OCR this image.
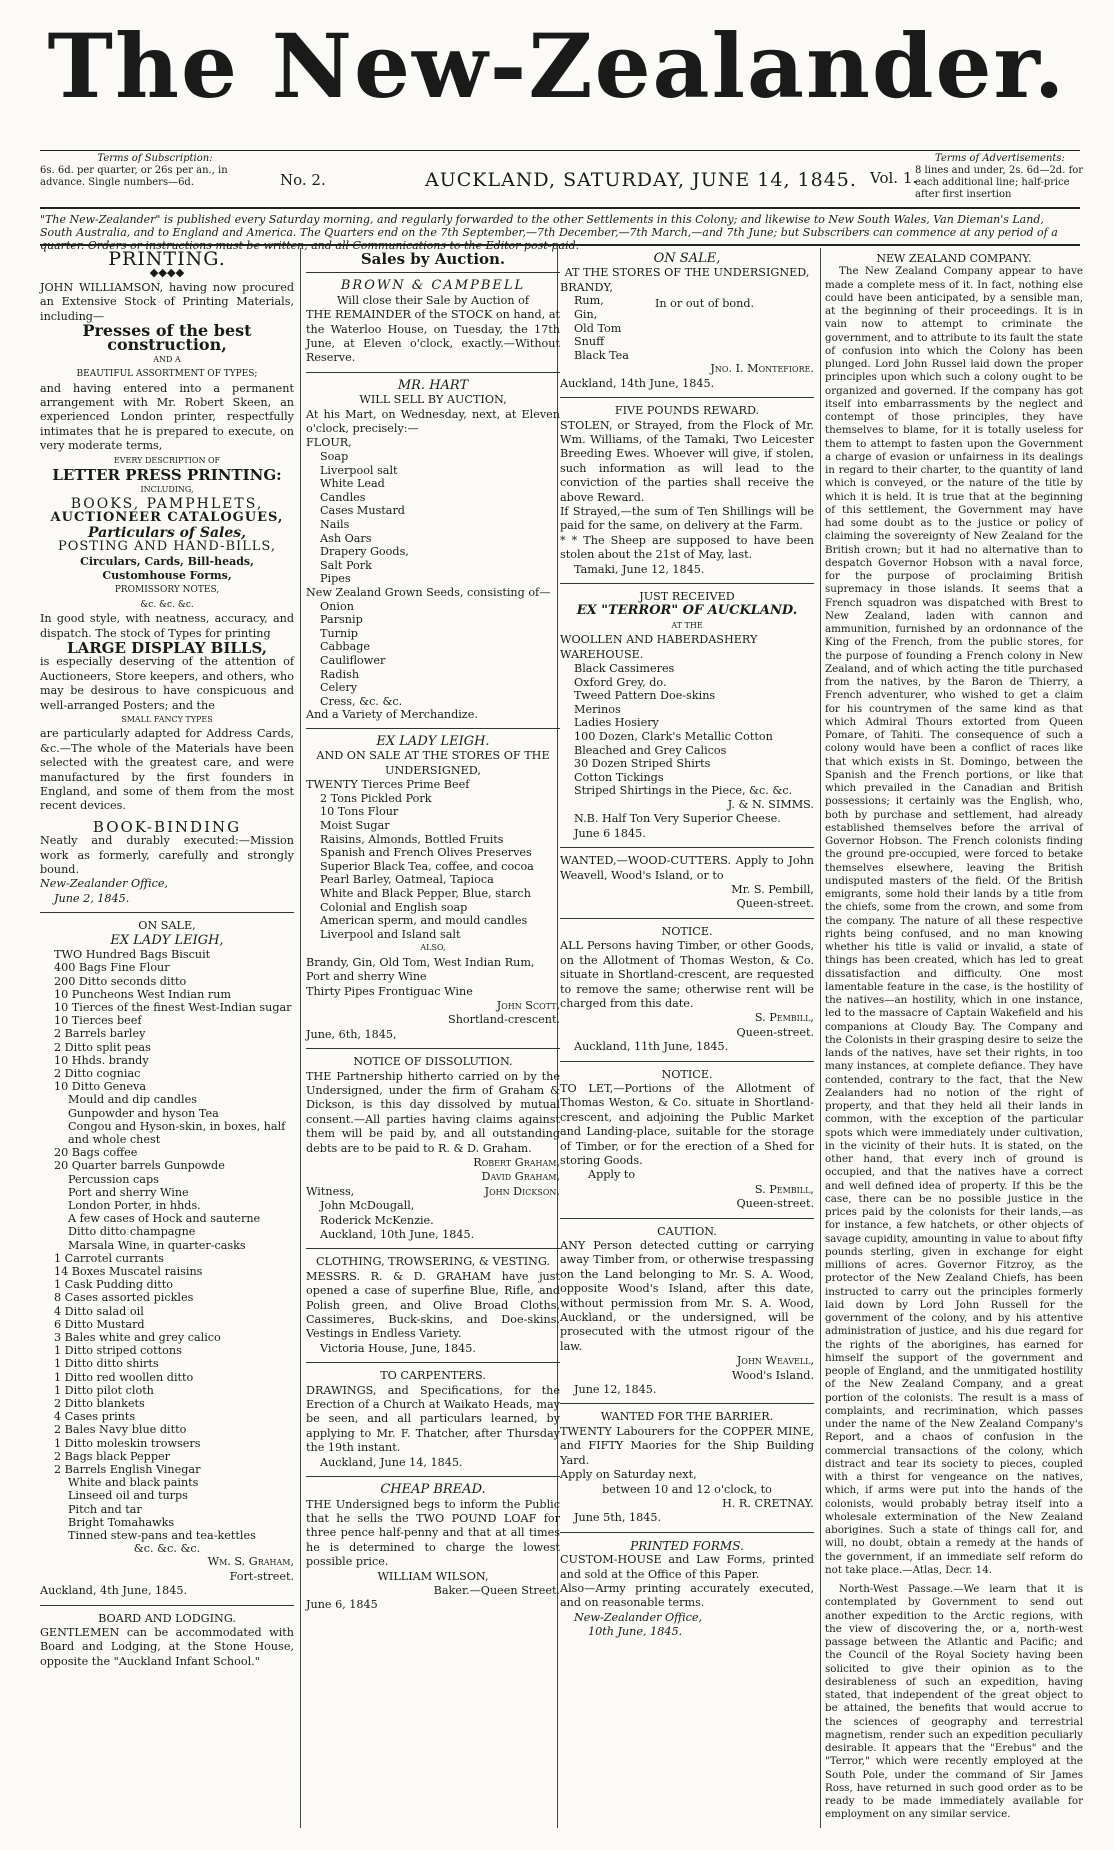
The New-Zealander.
Terms of Subscription:
6s. 6d. per quarter, or 26s per an., in advance. Single numbers—6d.	No. 2.	AUCKLAND, SATURDAY, JUNE 14, 1845. Vol. 1.
Terms of Advertisements:
8 lines and under, 2s. 6d—2d. for each additional line; half-price after first insertion
"The New-Zealander" is published every Saturday morning, and regularly forwarded to the other Settlements in this Colony; and likewise to New South Wales, Van Dieman's Land, South Australia, and to England and America. The Quarters end on the 7th September,—7th December,—7th March,—and 7th June; but Subscribers can commence at any period of a quarter. Orders or instructions must be written, and all Communications to the Editor post-paid.
PRINTING.
◆◆◆◆
JOHN WILLIAMSON, having now procured an Extensive Stock of Printing Materials, including—
Presses of the best construction,
AND A
BEAUTIFUL ASSORTMENT OF TYPES;
and having entered into a permanent arrangement with Mr. Robert Skeen, an experienced London printer, respectfully intimates that he is prepared to execute, on very moderate terms,
EVERY DESCRIPTION OF
LETTER PRESS PRINTING:
INCLUDING,
BOOKS, PAMPHLETS,
AUCTIONEER CATALOGUES,
Particulars of Sales,
POSTING AND HAND-BILLS,
Circulars, Cards, Bill-heads, Customhouse Forms,
PROMISSORY NOTES,
&c. &c. &c.
In good style, with neatness, accuracy, and dispatch. The stock of Types for printing
LARGE DISPLAY BILLS,
is especially deserving of the attention of Auctioneers, Store keepers, and others, who may be desirous to have conspicuous and well-arranged Posters; and the
SMALL FANCY TYPES
are particularly adapted for Address Cards, &c.—The whole of the Materials have been selected with the greatest care, and were manufactured by the first founders in England, and some of them from the most recent devices.
BOOK-BINDING
Neatly and durably executed:—Mission work as formerly, carefully and strongly bound.
New-Zealander Office,
June 2, 1845.
ON SALE,
EX LADY LEIGH,
TWO Hundred Bags Biscuit
400 Bags Fine Flour
200 Ditto seconds ditto
10 Puncheons West Indian rum
10 Tierces of the finest West-Indian sugar
10 Tierces beef
2 Barrels barley
2 Ditto split peas
10 Hhds. brandy
2 Ditto cogniac
10 Ditto Geneva
Mould and dip candles
Gunpowder and hyson Tea
Congou and Hyson-skin, in boxes, half and whole chest
20 Bags coffee
20 Quarter barrels Gunpowde
Percussion caps
Port and sherry Wine
London Porter, in hhds.
A few cases of Hock and sauterne
Ditto ditto champagne
Marsala Wine, in quarter-casks
1 Carrotel currants
14 Boxes Muscatel raisins
1 Cask Pudding ditto
8 Cases assorted pickles
4 Ditto salad oil
6 Ditto Mustard
3 Bales white and grey calico
1 Ditto striped cottons
1 Ditto ditto shirts
1 Ditto red woollen ditto
1 Ditto pilot cloth
2 Ditto blankets
4 Cases prints
2 Bales Navy blue ditto
1 Ditto moleskin trowsers
2 Bags black Pepper
2 Barrels English Vinegar
White and black paints
Linseed oil and turps
Pitch and tar
Bright Tomahawks
Tinned stew-pans and tea-kettles
&c. &c. &c.
Wm. S. Graham,
Fort-street.
Auckland, 4th June, 1845.
BOARD AND LODGING.
GENTLEMEN can be accommodated with Board and Lodging, at the Stone House, opposite the "Auckland Infant School."
Sales by Auction.
BROWN & CAMPBELL
Will close their Sale by Auction of
THE REMAINDER of the STOCK on hand, at the Waterloo House, on Tuesday, the 17th June, at Eleven o'clock, exactly.—Without Reserve.
MR. HART
WILL SELL BY AUCTION,
At his Mart, on Wednesday, next, at Eleven o'clock, precisely:—
FLOUR,
Soap
Liverpool salt
White Lead
Candles
Cases Mustard
Nails
Ash Oars
Drapery Goods,
Salt Pork
Pipes
New Zealand Grown Seeds, consisting of—
Onion
Parsnip
Turnip
Cabbage
Cauliflower
Radish
Celery
Cress, &c. &c.
And a Variety of Merchandize.
EX LADY LEIGH.
AND ON SALE AT THE STORES OF THE UNDERSIGNED,
TWENTY Tierces Prime Beef
2 Tons Pickled Pork
10 Tons Flour
Moist Sugar
Raisins, Almonds, Bottled Fruits
Spanish and French Olives Preserves
Superior Black Tea, coffee, and cocoa
Pearl Barley, Oatmeal, Tapioca
White and Black Pepper, Blue, starch
Colonial and English soap
American sperm, and mould candles
Liverpool and Island salt
ALSO,
Brandy, Gin, Old Tom, West Indian Rum, Port and sherry Wine
Thirty Pipes Frontiguac Wine
John Scott,
Shortland-crescent.
June, 6th, 1845,
NOTICE OF DISSOLUTION.
THE Partnership hitherto carried on by the Undersigned, under the firm of Graham & Dickson, is this day dissolved by mutual consent.—All parties having claims against them will be paid by, and all outstanding debts are to be paid to R. & D. Graham.
Robert Graham,
David Graham,
Witness,	John Dickson.
John McDougall,
Roderick McKenzie.
Auckland, 10th June, 1845.
CLOTHING, TROWSERING, & VESTING.
MESSRS. R. & D. GRAHAM have just opened a case of superfine Blue, Rifle, and Polish green, and Olive Broad Cloths, Cassimeres, Buck-skins, and Doe-skins. Vestings in Endless Variety.
Victoria House, June, 1845.
TO CARPENTERS.
DRAWINGS, and Specifications, for the Erection of a Church at Waikato Heads, may be seen, and all particulars learned, by applying to Mr. F. Thatcher, after Thursday the 19th instant.
Auckland, June 14, 1845.
CHEAP BREAD.
THE Undersigned begs to inform the Public that he sells the TWO POUND LOAF for three pence half-penny and that at all times he is determined to charge the lowest possible price.
WILLIAM WILSON,
Baker.—Queen Street.
June 6, 1845
ON SALE,
AT THE STORES OF THE UNDERSIGNED,
BRANDY,
Rum,
Gin,
Old Tom
Snuff
Black Tea
In or out of bond.
Jno. I. Montefiore.
Auckland, 14th June, 1845.
FIVE POUNDS REWARD.
STOLEN, or Strayed, from the Flock of Mr. Wm. Williams, of the Tamaki, Two Leicester Breeding Ewes. Whoever will give, if stolen, such information as will lead to the conviction of the parties shall receive the above Reward.
If Strayed,—the sum of Ten Shillings will be paid for the same, on delivery at the Farm.
* * The Sheep are supposed to have been stolen about the 21st of May, last.
Tamaki, June 12, 1845.
JUST RECEIVED
EX "TERROR" OF AUCKLAND.
AT THE
WOOLLEN AND HABERDASHERY WAREHOUSE.
Black Cassimeres
Oxford Grey, do.
Tweed Pattern Doe-skins
Merinos
Ladies Hosiery
100 Dozen, Clark's Metallic Cotton
Bleached and Grey Calicos
30 Dozen Striped Shirts
Cotton Tickings
Striped Shirtings in the Piece, &c. &c.
J. & N. SIMMS.
N.B. Half Ton Very Superior Cheese.
June 6 1845.
WANTED,—WOOD-CUTTERS. Apply to John Weavell, Wood's Island, or to
Mr. S. Pembill,
Queen-street.
NOTICE.
ALL Persons having Timber, or other Goods, on the Allotment of Thomas Weston, & Co. situate in Shortland-crescent, are requested to remove the same; otherwise rent will be charged from this date.
S. Pembill,
Queen-street.
Auckland, 11th June, 1845.
NOTICE.
TO LET,—Portions of the Allotment of Thomas Weston, & Co. situate in Shortland-crescent, and adjoining the Public Market and Landing-place, suitable for the storage of Timber, or for the erection of a Shed for storing Goods.
Apply to
S. Pembill,
Queen-street.
CAUTION.
ANY Person detected cutting or carrying away Timber from, or otherwise trespassing on the Land belonging to Mr. S. A. Wood, opposite Wood's Island, after this date, without permission from Mr. S. A. Wood, Auckland, or the undersigned, will be prosecuted with the utmost rigour of the law.
John Weavell,
Wood's Island.
June 12, 1845.
WANTED FOR THE BARRIER.
TWENTY Labourers for the COPPER MINE, and FIFTY Maories for the Ship Building Yard.
Apply on Saturday next,
between 10 and 12 o'clock, to
H. R. CRETNAY.
June 5th, 1845.
PRINTED FORMS.
CUSTOM-HOUSE and Law Forms, printed and sold at the Office of this Paper.
Also—Army printing accurately executed, and on reasonable terms.
New-Zealander Office,
10th June, 1845.
NEW ZEALAND COMPANY.
The New Zealand Company appear to have made a complete mess of it. In fact, nothing else could have been anticipated, by a sensible man, at the beginning of their proceedings. It is in vain now to attempt to criminate the government, and to attribute to its fault the state of confusion into which the Colony has been plunged. Lord John Russel laid down the proper principles upon which such a colony ought to be organized and governed. If the company has got itself into embarrassments by the neglect and contempt of those principles, they have themselves to blame, for it is totally useless for them to attempt to fasten upon the Government a charge of evasion or unfairness in its dealings in regard to their charter, to the quantity of land which is conveyed, or the nature of the title by which it is held. It is true that at the beginning of this settlement, the Government may have had some doubt as to the justice or policy of claiming the sovereignty of New Zealand for the British crown; but it had no alternative than to despatch Governor Hobson with a naval force, for the purpose of proclaiming British supremacy in those islands. It seems that a French squadron was dispatched with Brest to New Zealand, laden with cannon and ammunition, furnished by an ordonnance of the King of the French, from the public stores, for the purpose of founding a French colony in New Zealand, and of which acting the title purchased from the natives, by the Baron de Thierry, a French adventurer, who wished to get a claim for his countrymen of the same kind as that which Admiral Thours extorted from Queen Pomare, of Tahiti. The consequence of such a colony would have been a conflict of races like that which exists in St. Domingo, between the Spanish and the French portions, or like that which prevailed in the Canadian and British possessions; it certainly was the English, who, both by purchase and settlement, had already established themselves before the arrival of Governor Hobson. The French colonists finding the ground pre-occupied, were forced to betake themselves elsewhere, leaving the British undisputed masters of the field. Of the British emigrants, some hold their lands by a title from the chiefs, some from the crown, and some from the company. The nature of all these respective rights being confused, and no man knowing whether his title is valid or invalid, a state of things has been created, which has led to great dissatisfaction and difficulty. One most lamentable feature in the case, is the hostility of the natives—an hostility, which in one instance, led to the massacre of Captain Wakefield and his companions at Cloudy Bay. The Company and the Colonists in their grasping desire to seize the lands of the natives, have set their rights, in too many instances, at complete defiance. They have contended, contrary to the fact, that the New Zealanders had no notion of the right of property, and that they held all their lands in common, with the exception of the particular spots which were immediately under cultivation, in the vicinity of their huts. It is stated, on the other hand, that every inch of ground is occupied, and that the natives have a correct and well defined idea of property. If this be the case, there can be no possible justice in the prices paid by the colonists for their lands,—as for instance, a few hatchets, or other objects of savage cupidity, amounting in value to about fifty pounds sterling, given in exchange for eight millions of acres. Governor Fitzroy, as the protector of the New Zealand Chiefs, has been instructed to carry out the principles formerly laid down by Lord John Russell for the government of the colony, and by his attentive administration of justice, and his due regard for the rights of the aborigines, has earned for himself the support of the government and people of England, and the unmitigated hostility of the New Zealand Company, and a great portion of the colonists. The result is a mass of complaints, and recrimination, which passes under the name of the New Zealand Company's Report, and a chaos of confusion in the commercial transactions of the colony, which distract and tear its society to pieces, coupled with a thirst for vengeance on the natives, which, if arms were put into the hands of the colonists, would probably betray itself into a wholesale extermination of the New Zealand aborigines. Such a state of things call for, and will, no doubt, obtain a remedy at the hands of the government, if an immediate self reform do not take place.—Atlas, Decr. 14.
North-West Passage.—We learn that it is contemplated by Government to send out another expedition to the Arctic regions, with the view of discovering the, or a, north-west passage between the Atlantic and Pacific; and the Council of the Royal Society having been solicited to give their opinion as to the desirableness of such an expedition, having stated, that independent of the great object to be attained, the benefits that would accrue to the sciences of geography and terrestrial magnetism, render such an expedition peculiarly desirable. It appears that the "Erebus" and the "Terror," which were recently employed at the South Pole, under the command of Sir James Ross, have returned in such good order as to be ready to be made immediately available for employment on any similar service.
